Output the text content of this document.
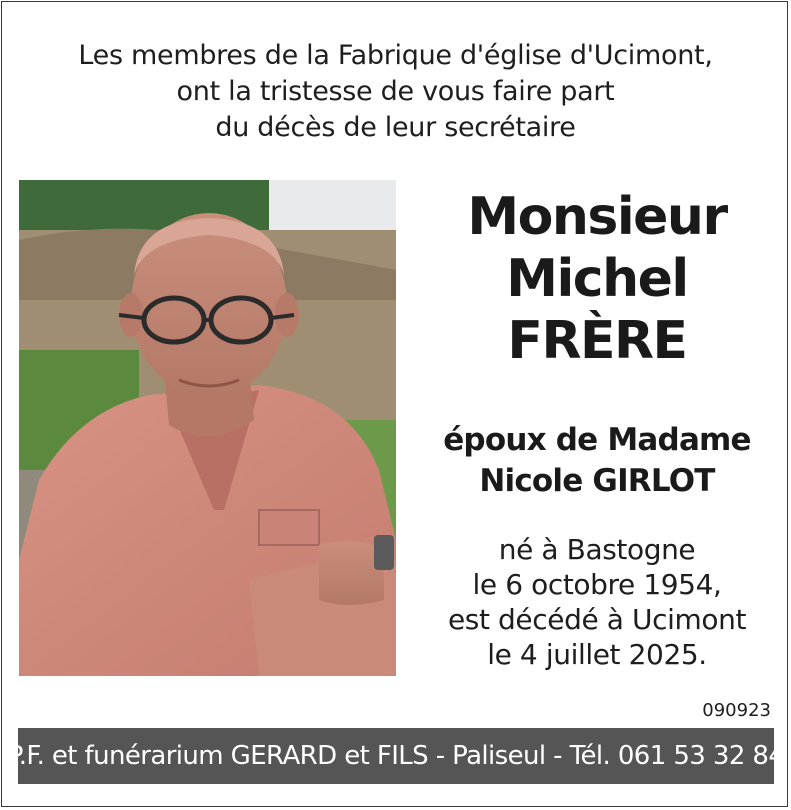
Les membres de la Fabrique d'église d'Ucimont,
ont la tristesse de vous faire part
du décès de leur secrétaire
Monsieur
Michel
FRÈRE
époux de Madame
Nicole GIRLOT
né à Bastogne
le 6 octobre 1954,
est décédé à Ucimont
le 4 juillet 2025.
090923
P.F. et funérarium GERARD et FILS - Paliseul - Tél. 061 53 32 84
